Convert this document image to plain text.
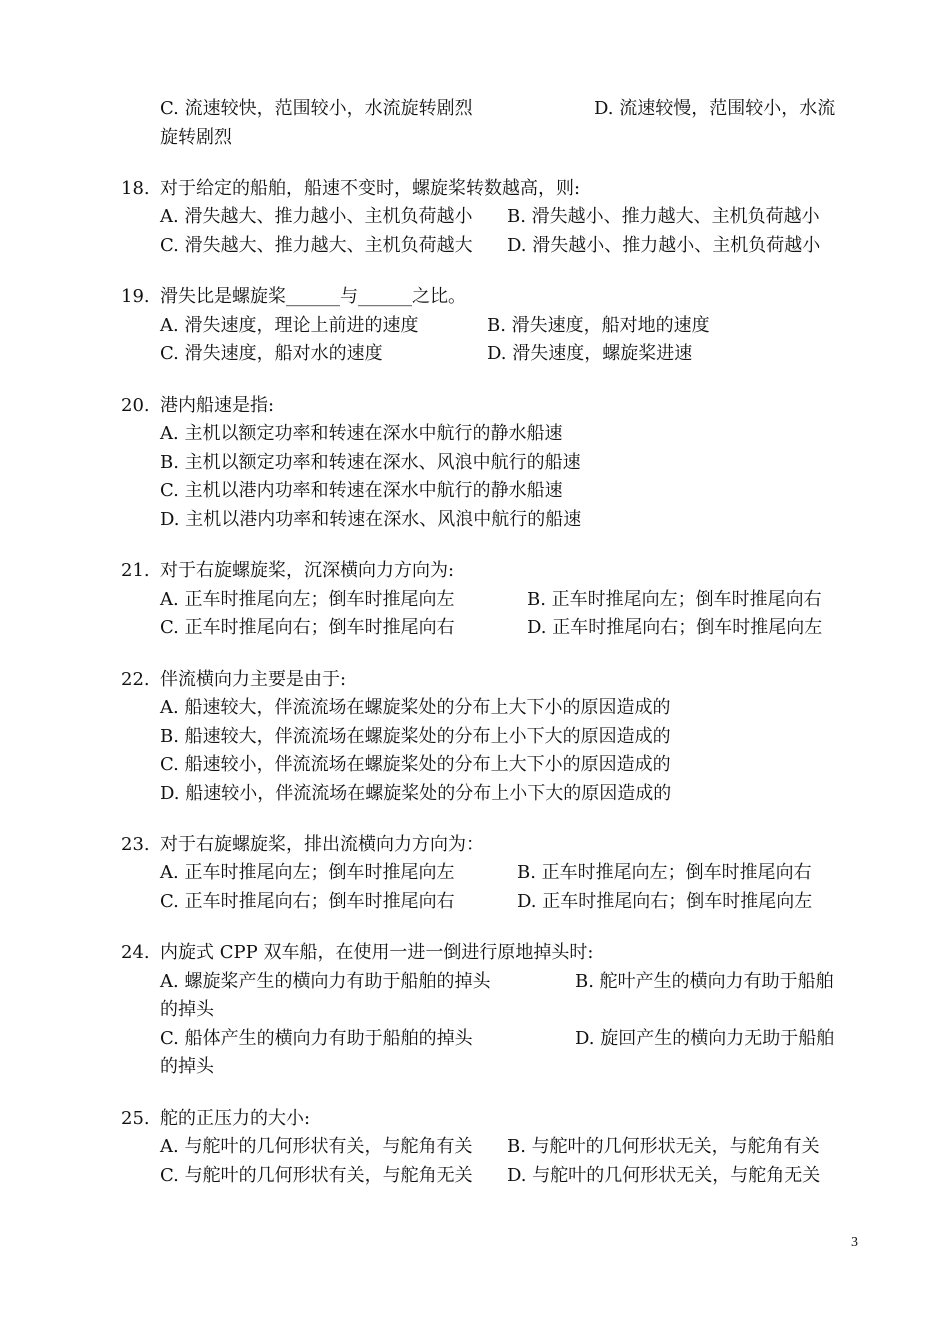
C. 流速较快，范围较小，水流旋转剧烈	D. 流速较慢，范围较小，水流
旋转剧烈
18. 对于给定的船舶，船速不变时，螺旋桨转数越高，则:
A. 滑失越大、推力越小、主机负荷越小 B. 滑失越小、推力越大、主机负荷越小
C. 滑失越大、推力越大、主机负荷越大 D. 滑失越小、推力越小、主机负荷越小
19. 滑失比是螺旋桨______与______之比。
A. 滑失速度，理论上前进的速度	B. 滑失速度，船对地的速度
C. 滑失速度，船对水的速度	D. 滑失速度，螺旋桨进速
20. 港内船速是指:
A. 主机以额定功率和转速在深水中航行的静水船速
B. 主机以额定功率和转速在深水、风浪中航行的船速
C. 主机以港内功率和转速在深水中航行的静水船速
D. 主机以港内功率和转速在深水、风浪中航行的船速
21. 对于右旋螺旋桨，沉深横向力方向为:
A. 正车时推尾向左；倒车时推尾向左	B. 正车时推尾向左；倒车时推尾向右
C. 正车时推尾向右；倒车时推尾向右	D. 正车时推尾向右；倒车时推尾向左
22. 伴流横向力主要是由于:
A. 船速较大，伴流流场在螺旋桨处的分布上大下小的原因造成的
B. 船速较大，伴流流场在螺旋桨处的分布上小下大的原因造成的
C. 船速较小，伴流流场在螺旋桨处的分布上大下小的原因造成的
D. 船速较小，伴流流场在螺旋桨处的分布上小下大的原因造成的
23. 对于右旋螺旋桨，排出流横向力方向为：
A. 正车时推尾向左；倒车时推尾向左	B. 正车时推尾向左；倒车时推尾向右
C. 正车时推尾向右；倒车时推尾向右	D. 正车时推尾向右；倒车时推尾向左
24. 内旋式 CPP 双车船，在使用一进一倒进行原地掉头时:
A. 螺旋桨产生的横向力有助于船舶的掉头	B. 舵叶产生的横向力有助于船舶
的掉头
C. 船体产生的横向力有助于船舶的掉头	D. 旋回产生的横向力无助于船舶
的掉头
25. 舵的正压力的大小:
A. 与舵叶的几何形状有关，与舵角有关 B. 与舵叶的几何形状无关，与舵角有关
C. 与舵叶的几何形状有关，与舵角无关 D. 与舵叶的几何形状无关，与舵角无关
3
